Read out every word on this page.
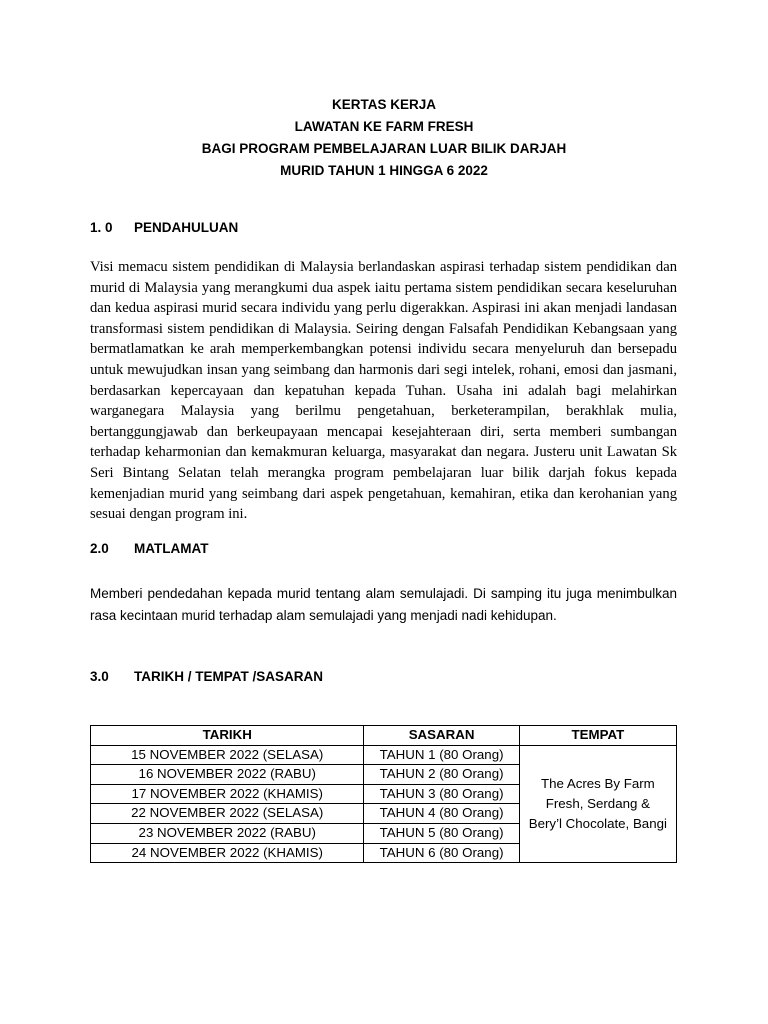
KERTAS KERJA
LAWATAN KE FARM FRESH
BAGI PROGRAM PEMBELAJARAN LUAR BILIK DARJAH
MURID TAHUN 1 HINGGA 6 2022
1. 0 PENDAHULUAN
Visi memacu sistem pendidikan di Malaysia berlandaskan aspirasi terhadap sistem pendidikan dan murid di Malaysia yang merangkumi dua aspek iaitu pertama sistem pendidikan secara keseluruhan dan kedua aspirasi murid secara individu yang perlu digerakkan. Aspirasi ini akan menjadi landasan transformasi sistem pendidikan di Malaysia. Seiring dengan Falsafah Pendidikan Kebangsaan yang bermatlamatkan ke arah memperkembangkan potensi individu secara menyeluruh dan bersepadu untuk mewujudkan insan yang seimbang dan harmonis dari segi intelek, rohani, emosi dan jasmani, berdasarkan kepercayaan dan kepatuhan kepada Tuhan. Usaha ini adalah bagi melahirkan warganegara Malaysia yang berilmu pengetahuan, berketerampilan, berakhlak mulia, bertanggungjawab dan berkeupayaan mencapai kesejahteraan diri, serta memberi sumbangan terhadap keharmonian dan kemakmuran keluarga, masyarakat dan negara. Justeru unit Lawatan Sk Seri Bintang Selatan telah merangka program pembelajaran luar bilik darjah fokus kepada kemenjadian murid yang seimbang dari aspek pengetahuan, kemahiran, etika dan kerohanian yang sesuai dengan program ini.
2.0 MATLAMAT
Memberi pendedahan kepada murid tentang alam semulajadi. Di samping itu juga menimbulkan rasa kecintaan murid terhadap alam semulajadi yang menjadi nadi kehidupan.
3.0 TARIKH / TEMPAT /SASARAN
TARIKH	SASARAN	TEMPAT
15 NOVEMBER 2022 (SELASA)	TAHUN 1 (80 Orang)	The Acres By Farm
Fresh, Serdang &
Bery’l Chocolate, Bangi

16 NOVEMBER 2022 (RABU)	TAHUN 2 (80 Orang)	
17 NOVEMBER 2022 (KHAMIS)	TAHUN 3 (80 Orang)	
22 NOVEMBER 2022 (SELASA)	TAHUN 4 (80 Orang)	
23 NOVEMBER 2022 (RABU)	TAHUN 5 (80 Orang)	
24 NOVEMBER 2022 (KHAMIS)	TAHUN 6 (80 Orang)	
